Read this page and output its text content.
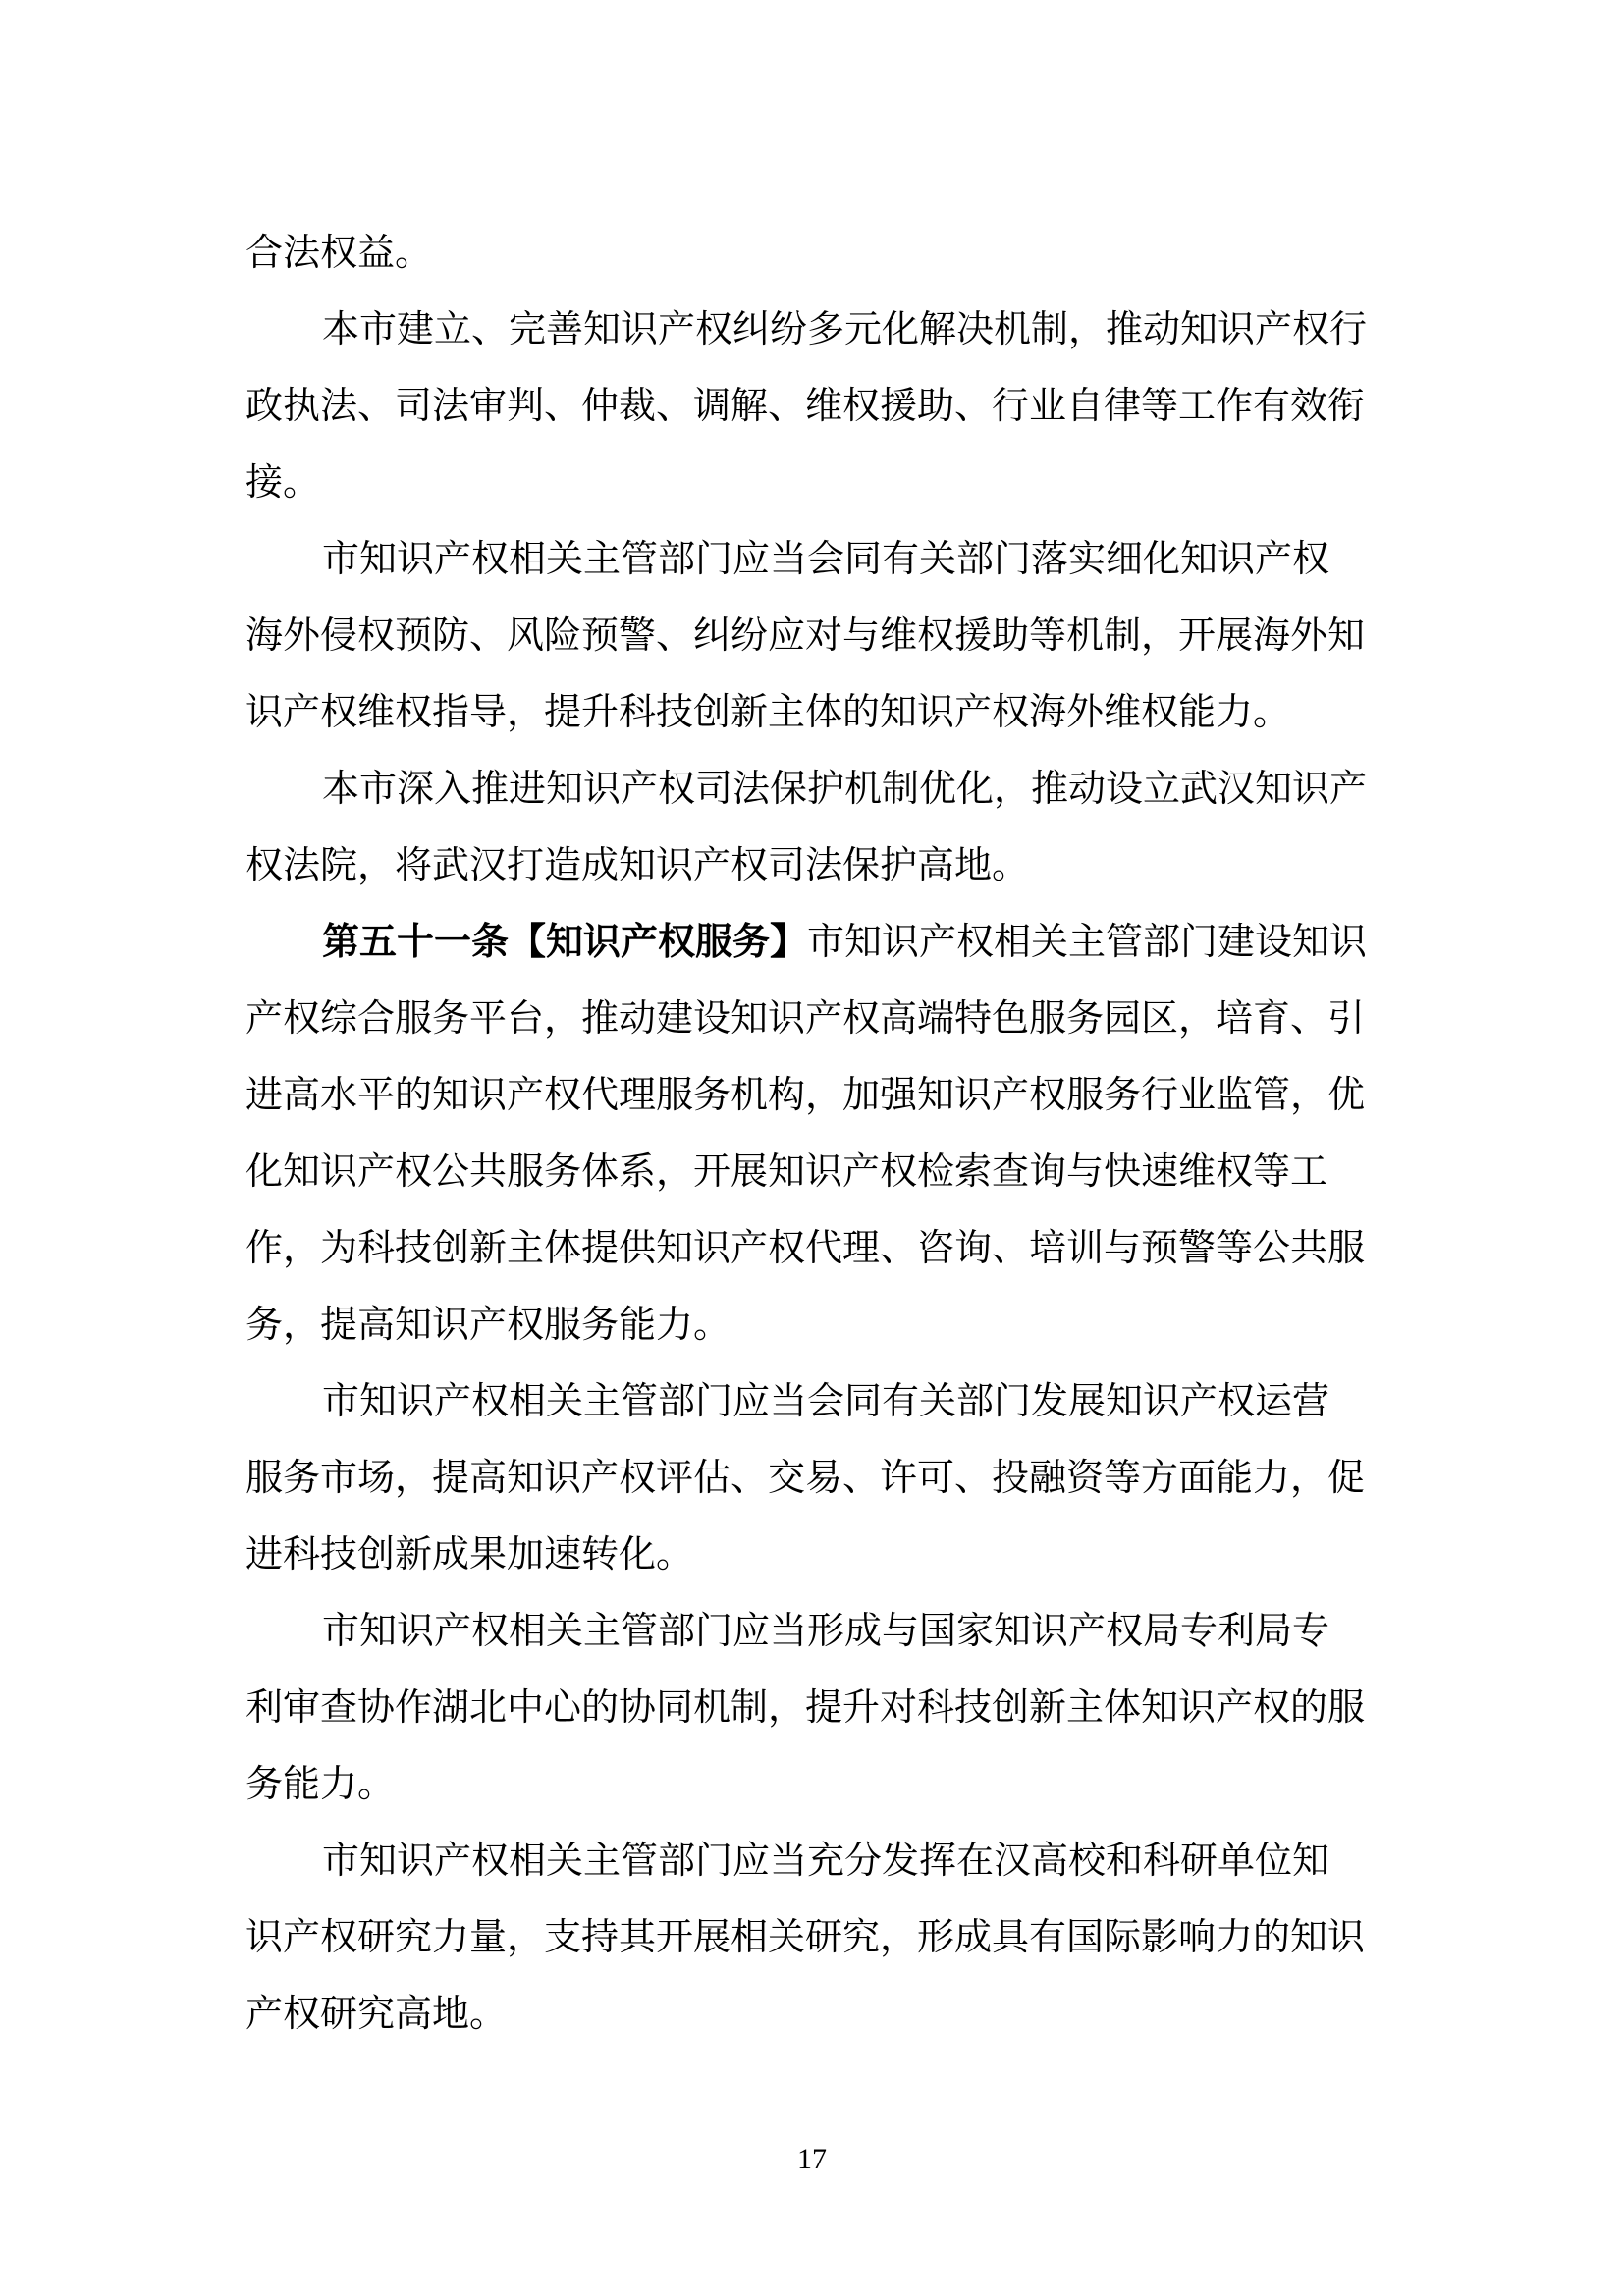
合法权益。
本市建立、完善知识产权纠纷多元化解决机制，推动知识产权行
政执法、司法审判、仲裁、调解、维权援助、行业自律等工作有效衔
接。
市知识产权相关主管部门应当会同有关部门落实细化知识产权
海外侵权预防、风险预警、纠纷应对与维权援助等机制，开展海外知
识产权维权指导，提升科技创新主体的知识产权海外维权能力。
本市深入推进知识产权司法保护机制优化，推动设立武汉知识产
权法院，将武汉打造成知识产权司法保护高地。
第五十一条【知识产权服务】市知识产权相关主管部门建设知识
产权综合服务平台，推动建设知识产权高端特色服务园区，培育、引
进高水平的知识产权代理服务机构，加强知识产权服务行业监管，优
化知识产权公共服务体系，开展知识产权检索查询与快速维权等工
作，为科技创新主体提供知识产权代理、咨询、培训与预警等公共服
务，提高知识产权服务能力。
市知识产权相关主管部门应当会同有关部门发展知识产权运营
服务市场，提高知识产权评估、交易、许可、投融资等方面能力，促
进科技创新成果加速转化。
市知识产权相关主管部门应当形成与国家知识产权局专利局专
利审查协作湖北中心的协同机制，提升对科技创新主体知识产权的服
务能力。
市知识产权相关主管部门应当充分发挥在汉高校和科研单位知
识产权研究力量，支持其开展相关研究，形成具有国际影响力的知识
产权研究高地。
17
